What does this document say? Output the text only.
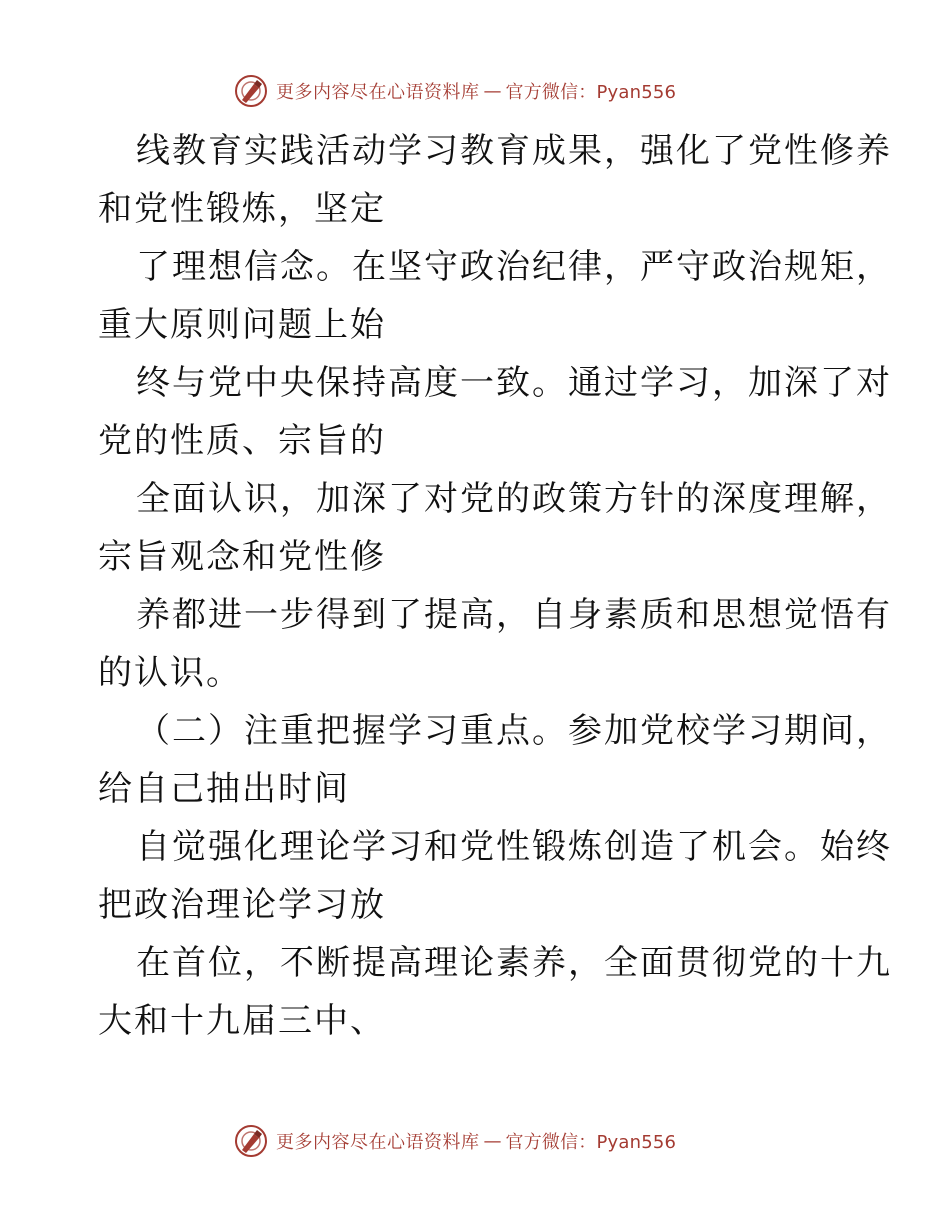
更多内容尽在心语资料库 — 官方微信：Pyan556
线教育实践活动学习教育成果，强化了党性修养
和党性锻炼，坚定
了理想信念。在坚守政治纪律，严守政治规矩，
重大原则问题上始
终与党中央保持高度一致。通过学习，加深了对
党的性质、宗旨的
全面认识，加深了对党的政策方针的深度理解，
宗旨观念和党性修
养都进一步得到了提高，自身素质和思想觉悟有
的认识。
（二）注重把握学习重点。参加党校学习期间，
给自己抽出时间
自觉强化理论学习和党性锻炼创造了机会。始终
把政治理论学习放
在首位，不断提高理论素养，全面贯彻党的十九
大和十九届三中、
更多内容尽在心语资料库 — 官方微信：Pyan556
